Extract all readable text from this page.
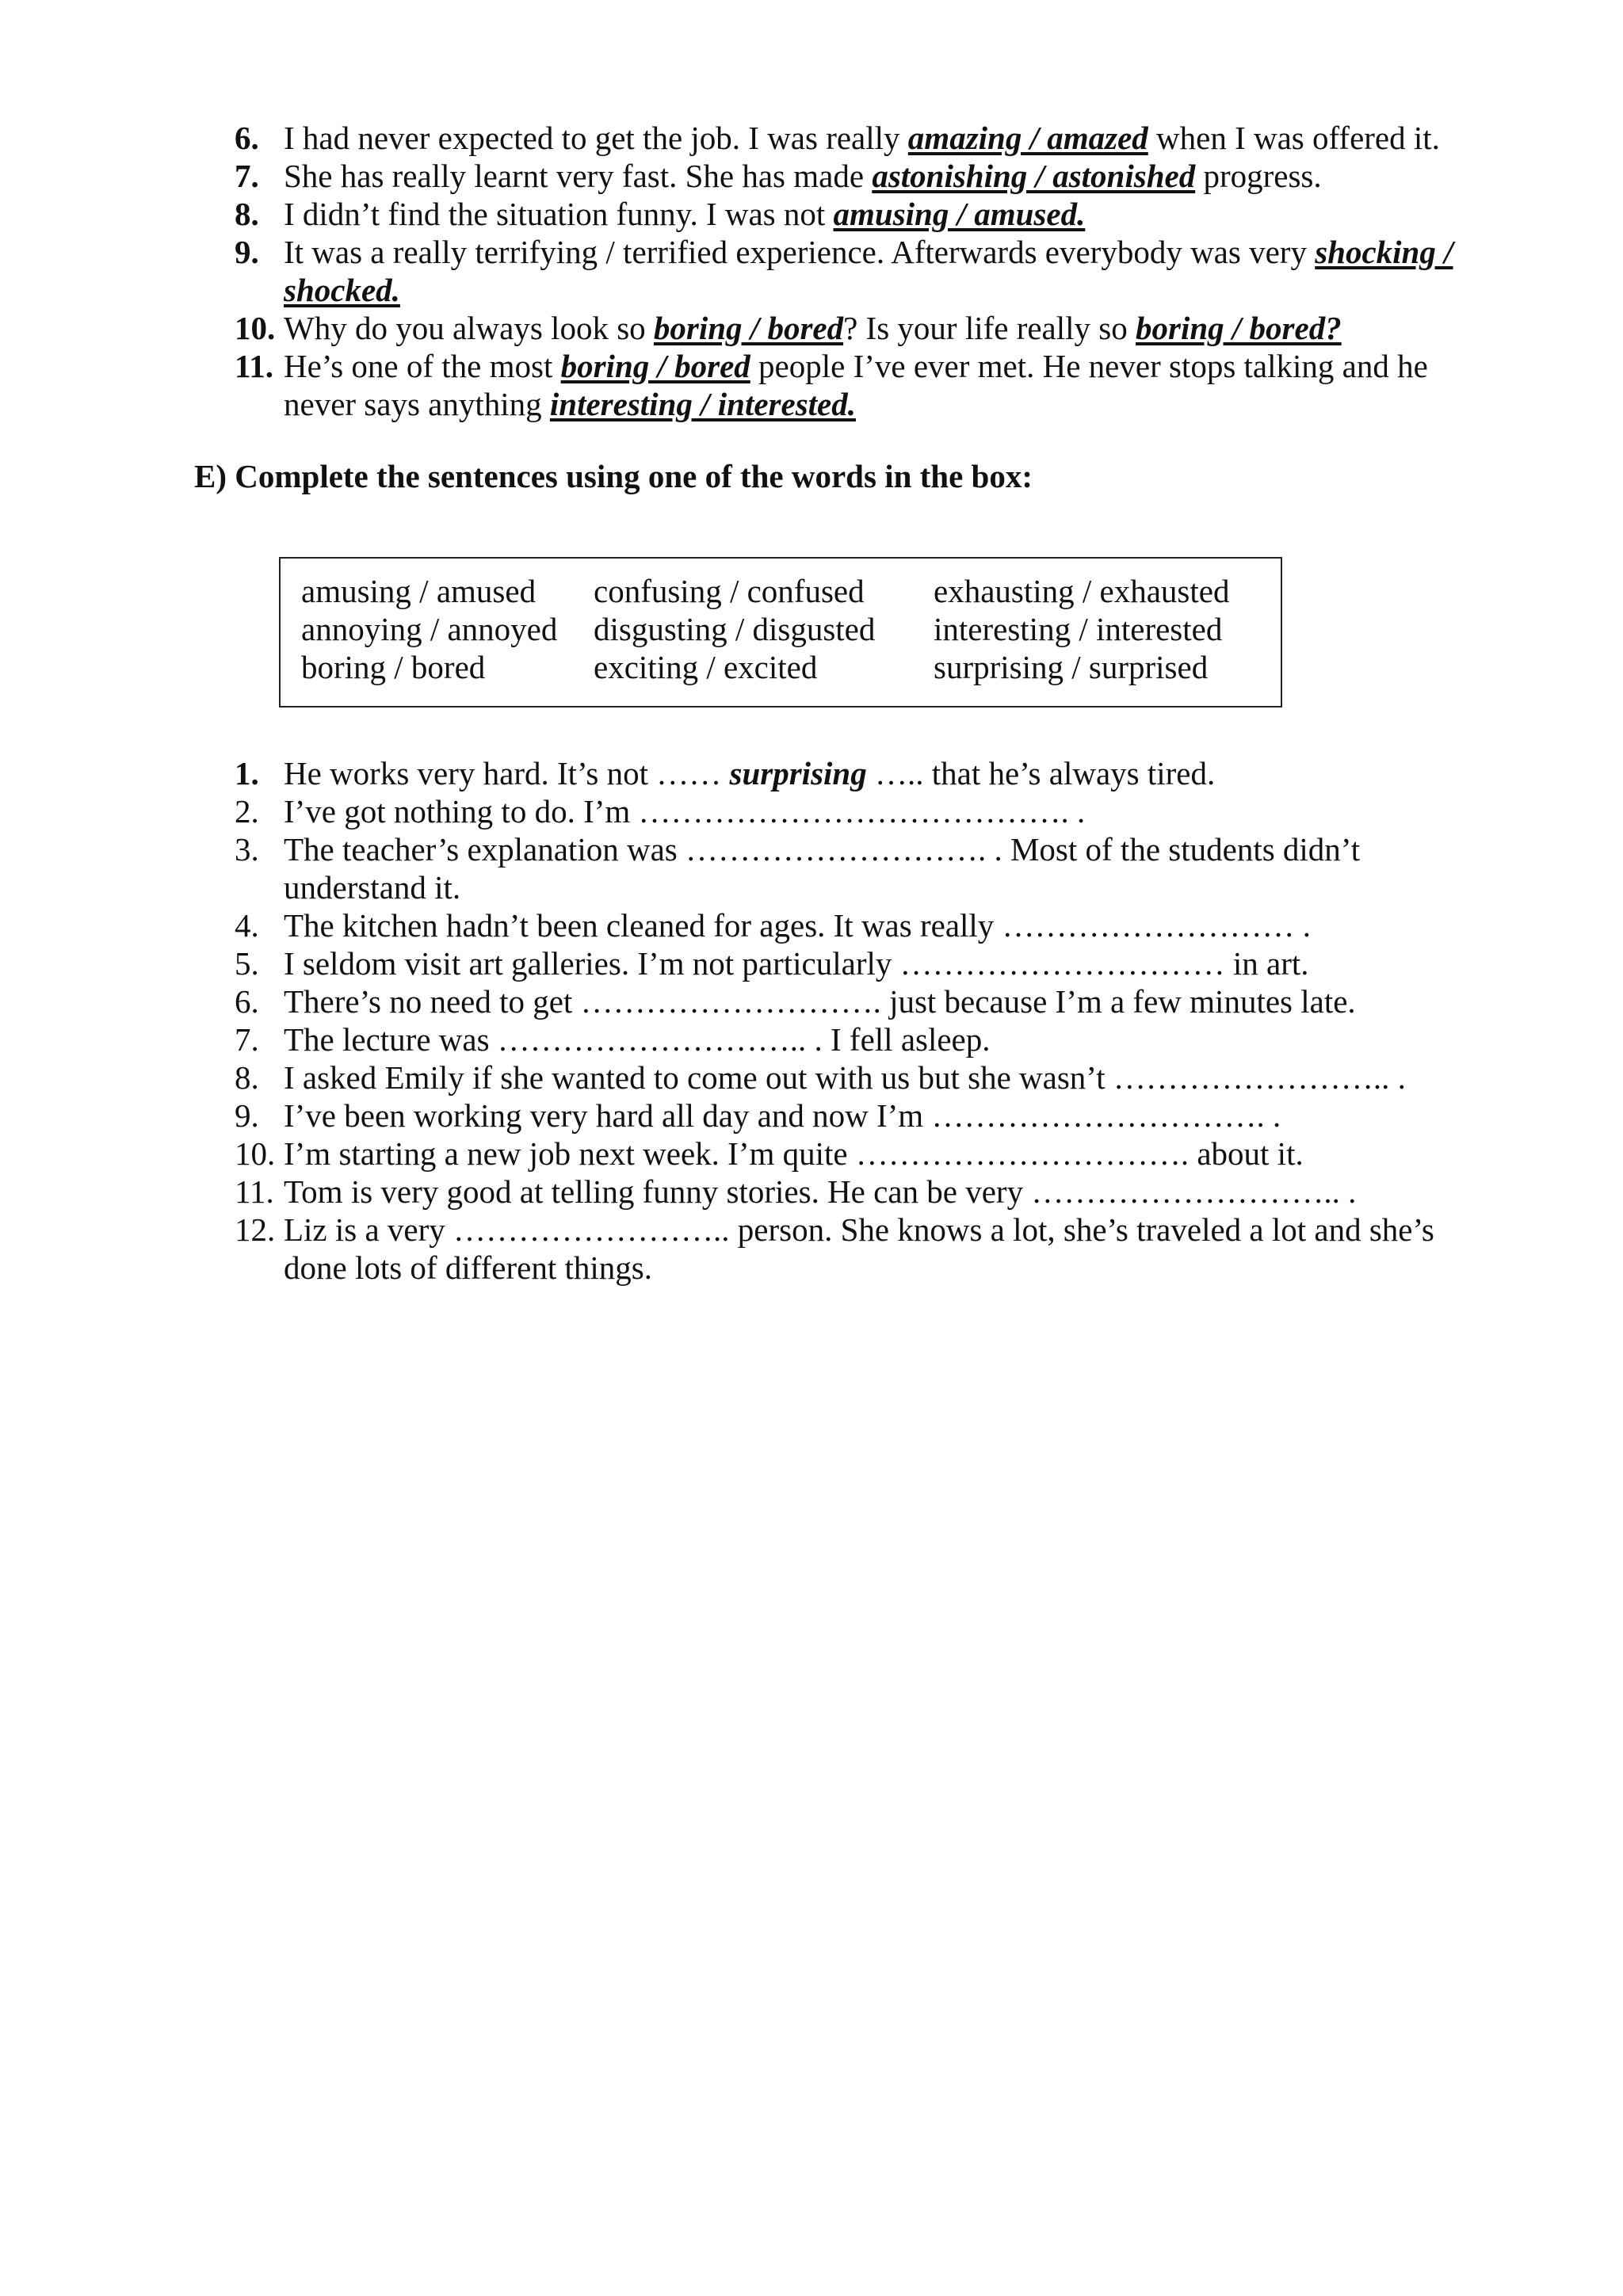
6. I had never expected to get the job. I was really amazing / amazed when I was offered it.
7. She has really learnt very fast. She has made astonishing / astonished progress.
8. I didn’t find the situation funny. I was not amusing / amused.
9. It was a really terrifying / terrified experience. Afterwards everybody was very shocking / shocked.
10. Why do you always look so boring / bored? Is your life really so boring / bored?
11. He’s one of the most boring / bored people I’ve ever met. He never stops talking and he never says anything interesting / interested.
E) Complete the sentences using one of the words in the box:
amusing / amused
annoying / annoyed
boring / bored
confusing / confused
disgusting / disgusted
exciting / excited
exhausting / exhausted
interesting / interested
surprising / surprised
1. He works very hard. It’s not …… surprising ….. that he’s always tired.
2. I’ve got nothing to do. I’m …………………………………. .
3. The teacher’s explanation was ………………………. . Most of the students didn’t understand it.
4. The kitchen hadn’t been cleaned for ages. It was really ……………………… .
5. I seldom visit art galleries. I’m not particularly ………………………… in art.
6. There’s no need to get ………………………. just because I’m a few minutes late.
7. The lecture was ……………………….. . I fell asleep.
8. I asked Emily if she wanted to come out with us but she wasn’t …………………….. .
9. I’ve been working very hard all day and now I’m …………………………. .
10. I’m starting a new job next week. I’m quite …………………………. about it.
11. Tom is very good at telling funny stories. He can be very ……………………….. .
12. Liz is a very …………………….. person. She knows a lot, she’s traveled a lot and she’s done lots of different things.
